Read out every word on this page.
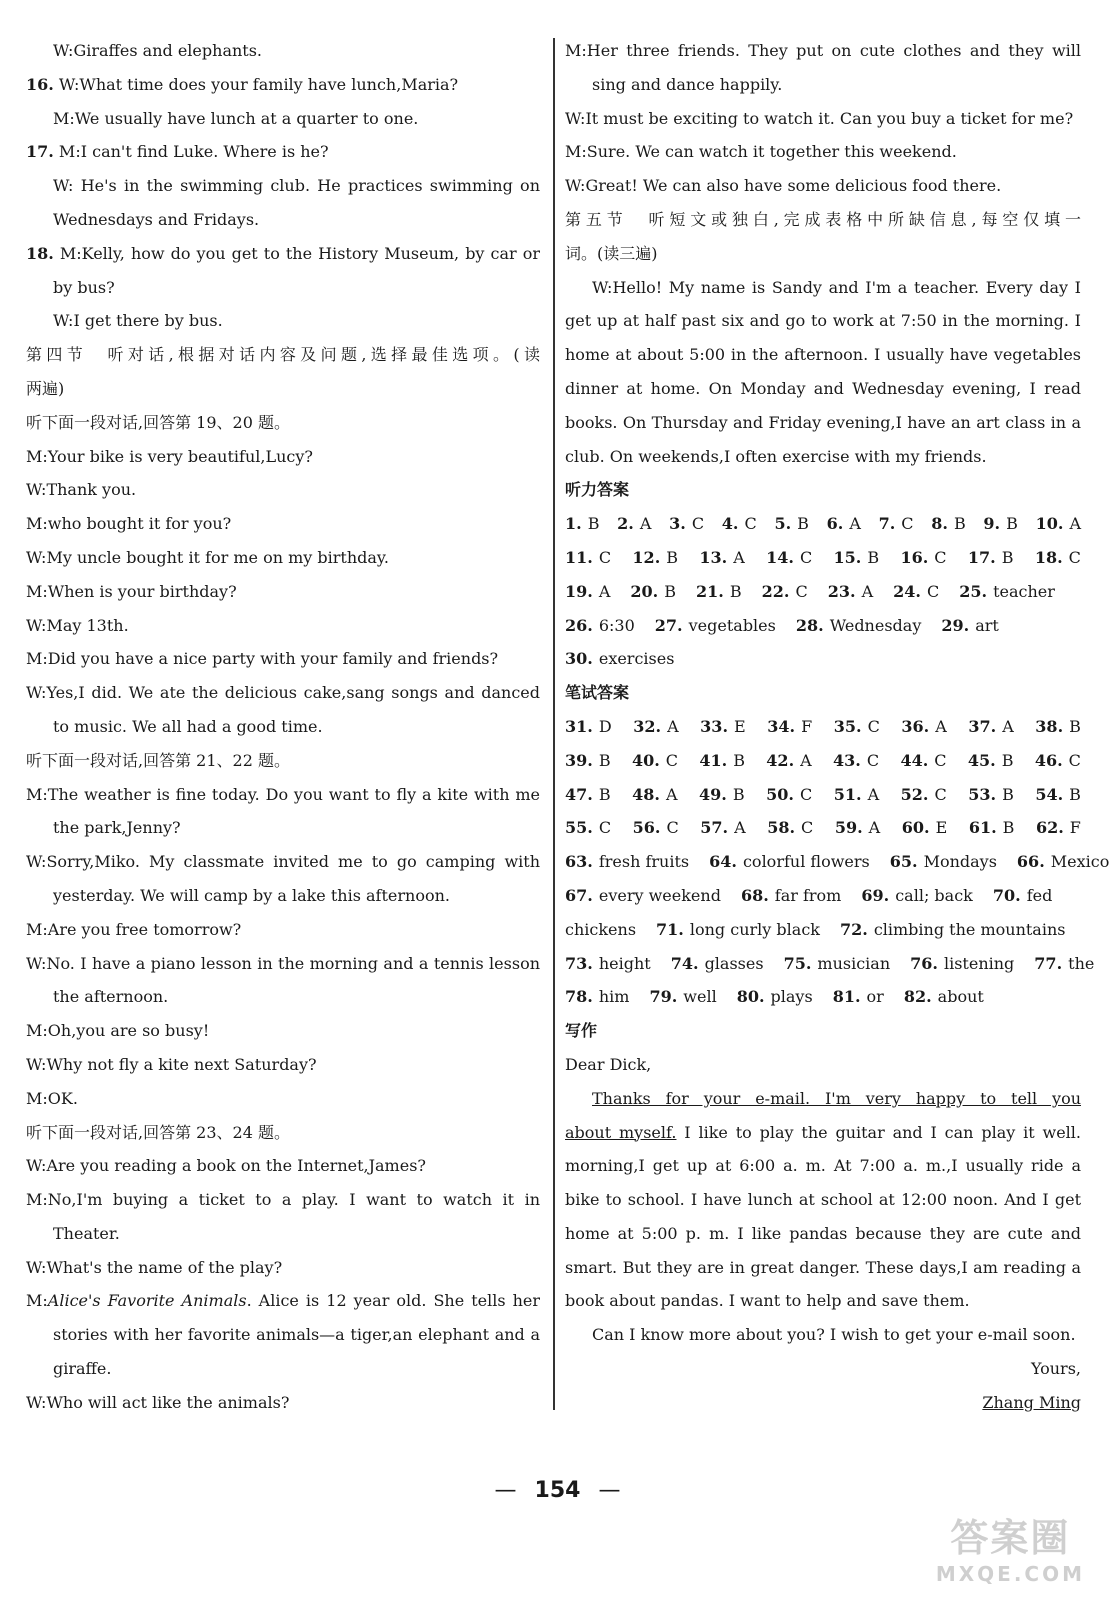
W:Giraffes and elephants.
16. W:What time does your family have lunch,Maria?
M:We usually have lunch at a quarter to one.
17. M:I can't find Luke. Where is he?
W: He's in the swimming club. He practices swimming on
Wednesdays and Fridays.
18. M:Kelly, how do you get to the History Museum, by car or
by bus?
W:I get there by bus.
第四节　听对话,根据对话内容及问题,选择最佳选项。(读
两遍)
听下面一段对话,回答第 19、20 题。
M:Your bike is very beautiful,Lucy?
W:Thank you.
M:who bought it for you?
W:My uncle bought it for me on my birthday.
M:When is your birthday?
W:May 13th.
M:Did you have a nice party with your family and friends?
W:Yes,I did. We ate the delicious cake,sang songs and danced
to music. We all had a good time.
听下面一段对话,回答第 21、22 题。
M:The weather is fine today. Do you want to fly a kite with me
the park,Jenny?
W:Sorry,Miko. My classmate invited me to go camping with
yesterday. We will camp by a lake this afternoon.
M:Are you free tomorrow?
W:No. I have a piano lesson in the morning and a tennis lesson
the afternoon.
M:Oh,you are so busy!
W:Why not fly a kite next Saturday?
M:OK.
听下面一段对话,回答第 23、24 题。
W:Are you reading a book on the Internet,James?
M:No,I'm buying a ticket to a play. I want to watch it in
Theater.
W:What's the name of the play?
M:Alice's Favorite Animals. Alice is 12 year old. She tells her
stories with her favorite animals—a tiger,an elephant and a
giraffe.
W:Who will act like the animals?
M:Her three friends. They put on cute clothes and they will
sing and dance happily.
W:It must be exciting to watch it. Can you buy a ticket for me?
M:Sure. We can watch it together this weekend.
W:Great! We can also have some delicious food there.
第五节　听短文或独白,完成表格中所缺信息,每空仅填一
词。(读三遍)
W:Hello! My name is Sandy and I'm a teacher. Every day I
get up at half past six and go to work at 7:50 in the morning. I
home at about 5:00 in the afternoon. I usually have vegetables
dinner at home. On Monday and Wednesday evening, I read
books. On Thursday and Friday evening,I have an art class in a
club. On weekends,I often exercise with my friends.
听力答案
1. B 2. A 3. C 4. C 5. B 6. A 7. C 8. B 9. B 10. A
11. C 12. B 13. A 14. C 15. B 16. C 17. B 18. C
19. A 20. B 21. B 22. C 23. A 24. C 25. teacher
26. 6:30 27. vegetables 28. Wednesday 29. art
30. exercises
笔试答案
31. D 32. A 33. E 34. F 35. C 36. A 37. A 38. B
39. B 40. C 41. B 42. A 43. C 44. C 45. B 46. C
47. B 48. A 49. B 50. C 51. A 52. C 53. B 54. B
55. C 56. C 57. A 58. C 59. A 60. E 61. B 62. F
63. fresh fruits 64. colorful flowers 65. Mondays 66. Mexico
67. every weekend 68. far from 69. call; back 70. fed
chickens 71. long curly black 72. climbing the mountains
73. height 74. glasses 75. musician 76. listening 77. the
78. him 79. well 80. plays 81. or 82. about
写作
Dear Dick,
Thanks for your e-mail. I'm very happy to tell you
about myself. I like to play the guitar and I can play it well.
morning,I get up at 6:00 a. m. At 7:00 a. m.,I usually ride a
bike to school. I have lunch at school at 12:00 noon. And I get
home at 5:00 p. m. I like pandas because they are cute and
smart. But they are in great danger. These days,I am reading a
book about pandas. I want to help and save them.
Can I know more about you? I wish to get your e-mail soon.
Yours,
Zhang Ming
— 154 —
答案圈
MXQE.COM
